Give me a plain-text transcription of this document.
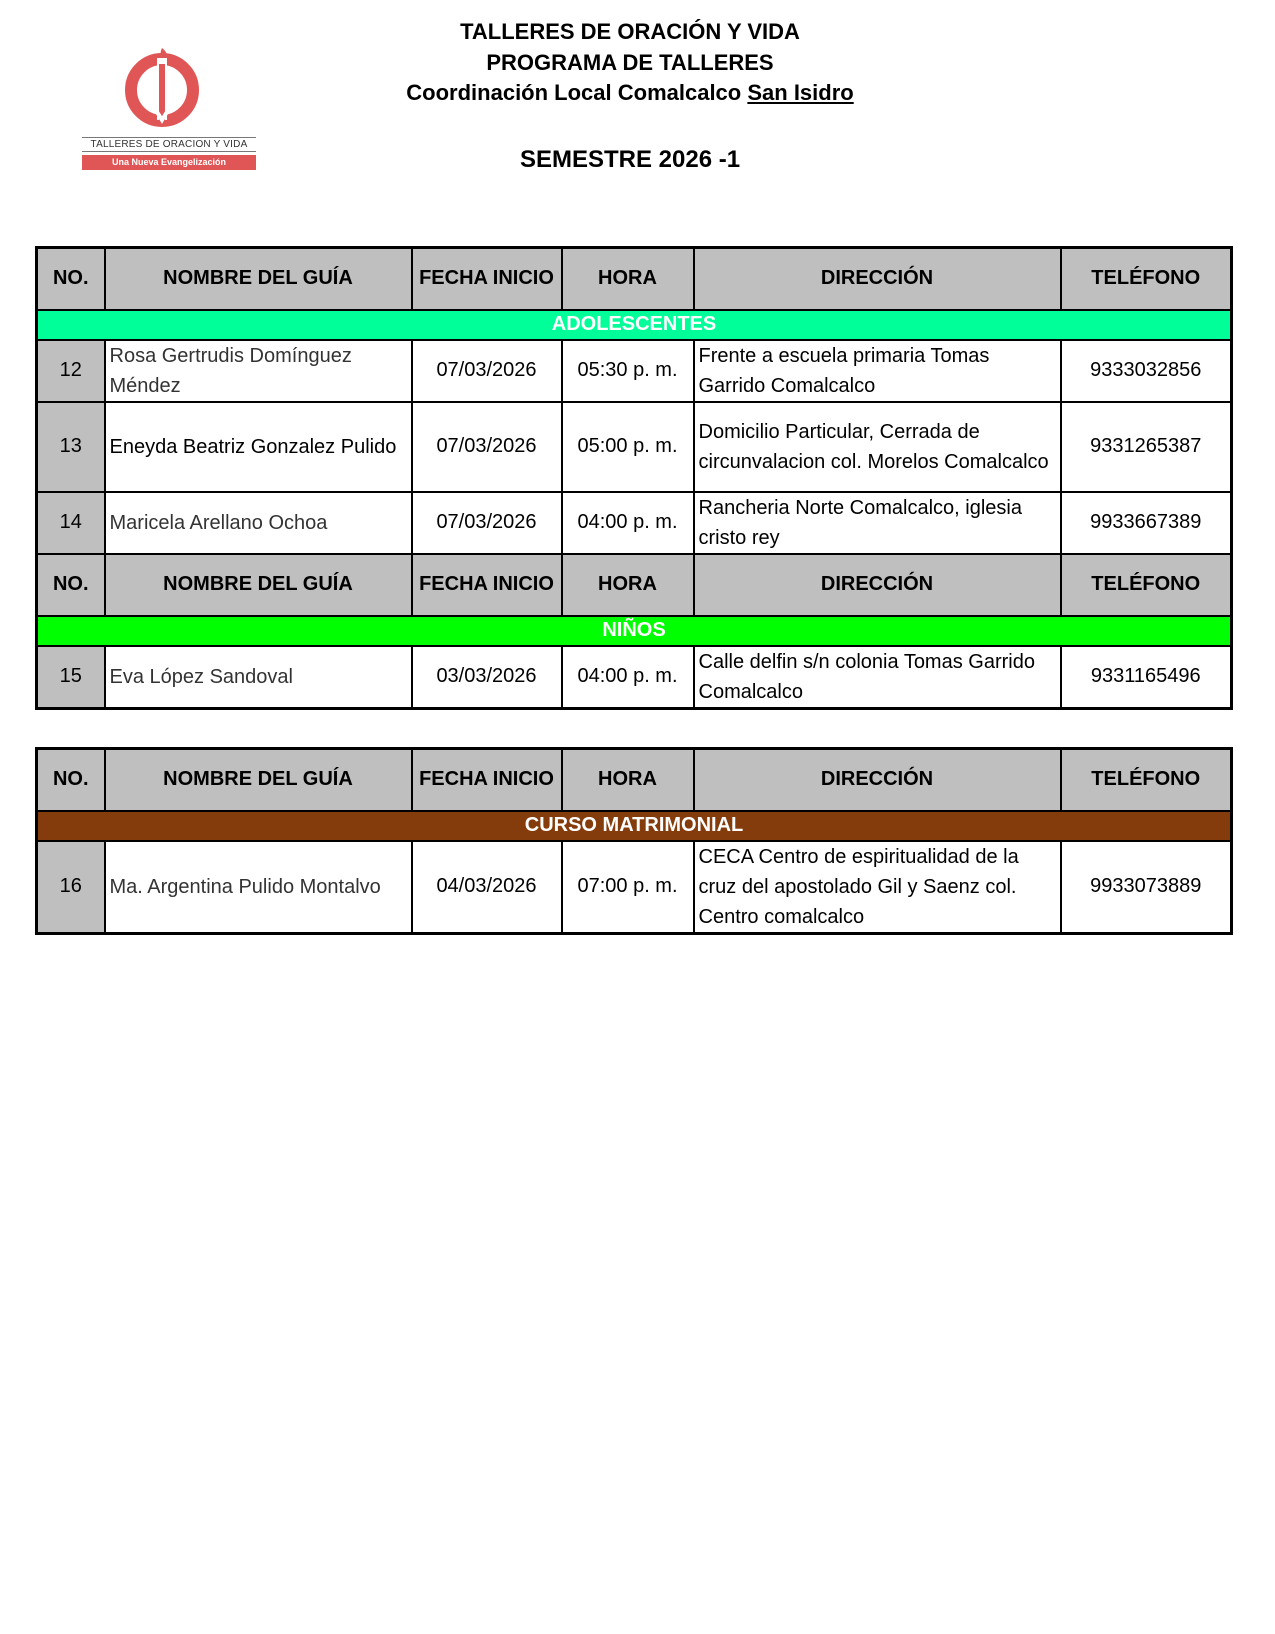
TALLERES DE ORACION Y VIDA
Una Nueva Evangelización
TALLERES DE ORACIÓN Y VIDA
PROGRAMA DE TALLERES
Coordinación Local Comalcalco San Isidro
SEMESTRE 2026 -1
NO.	NOMBRE DEL GUÍA	FECHA INICIO	HORA	DIRECCIÓN	TELÉFONO
ADOLESCENTES					
12	Rosa Gertrudis Domínguez Méndez	07/03/2026	05:30 p. m.	Frente a escuela primaria Tomas Garrido Comalcalco	9333032856
13	Eneyda Beatriz Gonzalez Pulido	07/03/2026	05:00 p. m.	Domicilio Particular, Cerrada de circunvalacion col. Morelos Comalcalco	9331265387
14	Maricela Arellano Ochoa	07/03/2026	04:00 p. m.	Rancheria Norte Comalcalco, iglesia cristo rey	9933667389
NO.	NOMBRE DEL GUÍA	FECHA INICIO	HORA	DIRECCIÓN	TELÉFONO
NIÑOS					
15	Eva López Sandoval	03/03/2026	04:00 p. m.	Calle delfin s/n colonia Tomas Garrido Comalcalco	9331165496
NO.	NOMBRE DEL GUÍA	FECHA INICIO	HORA	DIRECCIÓN	TELÉFONO
CURSO MATRIMONIAL					
16	Ma. Argentina Pulido Montalvo	04/03/2026	07:00 p. m.	CECA Centro de espiritualidad de la cruz del apostolado Gil y Saenz col. Centro comalcalco	9933073889
